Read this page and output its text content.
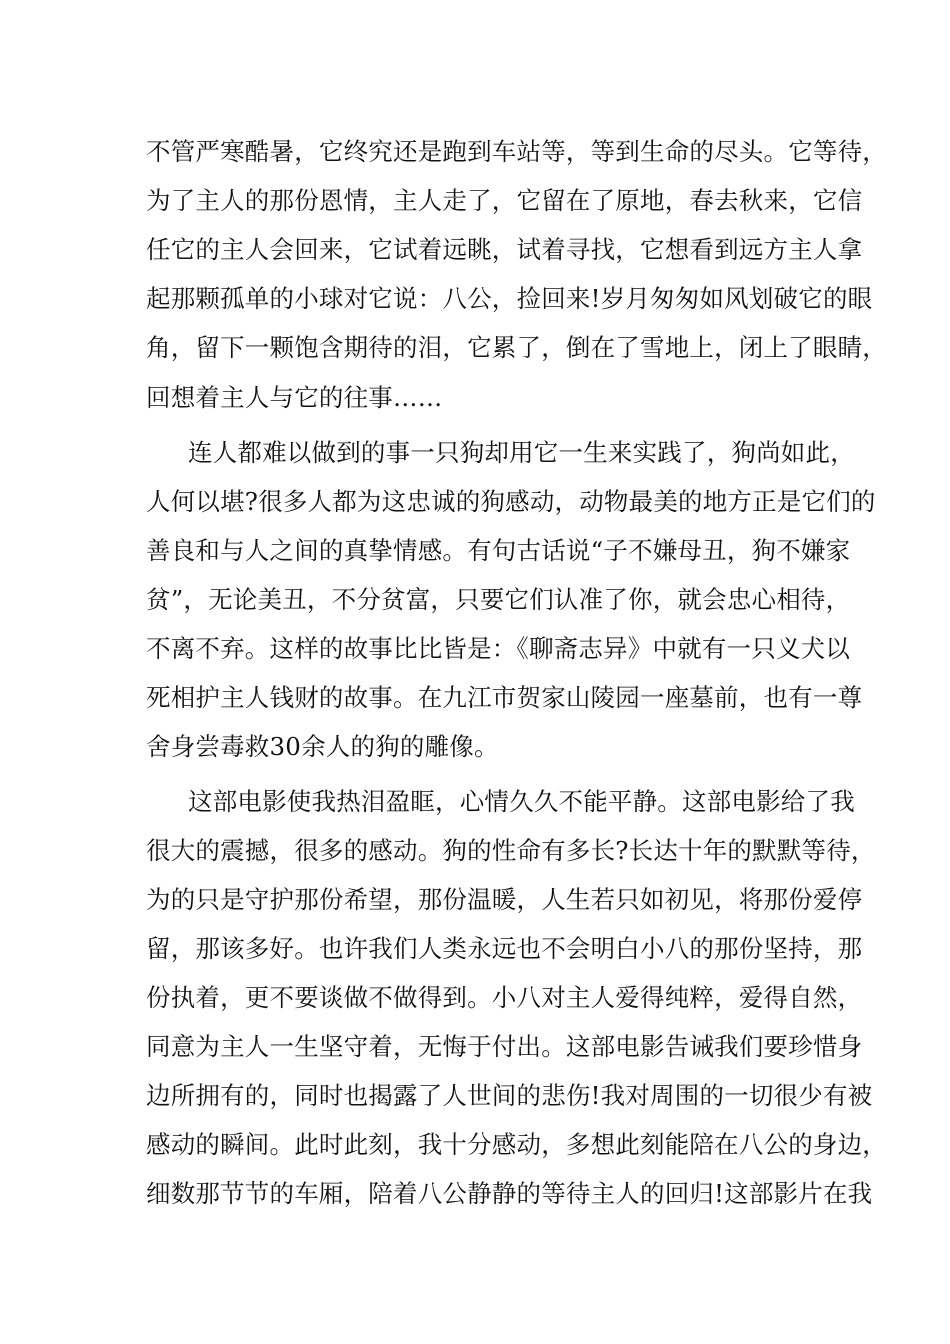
不管严寒酷暑，它终究还是跑到车站等，等到生命的尽头。它等待，
为了主人的那份恩情，主人走了，它留在了原地，春去秋来，它信
任它的主人会回来，它试着远眺，试着寻找，它想看到远方主人拿
起那颗孤单的小球对它说：八公，捡回来!岁月匆匆如风划破它的眼
角，留下一颗饱含期待的泪，它累了，倒在了雪地上，闭上了眼睛，
回想着主人与它的往事……
连人都难以做到的事一只狗却用它一生来实践了，狗尚如此，
人何以堪?很多人都为这忠诚的狗感动，动物最美的地方正是它们的
善良和与人之间的真挚情感。有句古话说“子不嫌母丑，狗不嫌家
贫”，无论美丑，不分贫富，只要它们认准了你，就会忠心相待，
不离不弃。这样的故事比比皆是：《聊斋志异》中就有一只义犬以
死相护主人钱财的故事。在九江市贺家山陵园一座墓前，也有一尊
舍身尝毒救30余人的狗的雕像。
这部电影使我热泪盈眶，心情久久不能平静。这部电影给了我
很大的震撼，很多的感动。狗的性命有多长?长达十年的默默等待，
为的只是守护那份希望，那份温暖，人生若只如初见，将那份爱停
留，那该多好。也许我们人类永远也不会明白小八的那份坚持，那
份执着，更不要谈做不做得到。小八对主人爱得纯粹，爱得自然，
同意为主人一生坚守着，无悔于付出。这部电影告诫我们要珍惜身
边所拥有的，同时也揭露了人世间的悲伤!我对周围的一切很少有被
感动的瞬间。此时此刻，我十分感动，多想此刻能陪在八公的身边，
细数那节节的车厢，陪着八公静静的等待主人的回归!这部影片在我
